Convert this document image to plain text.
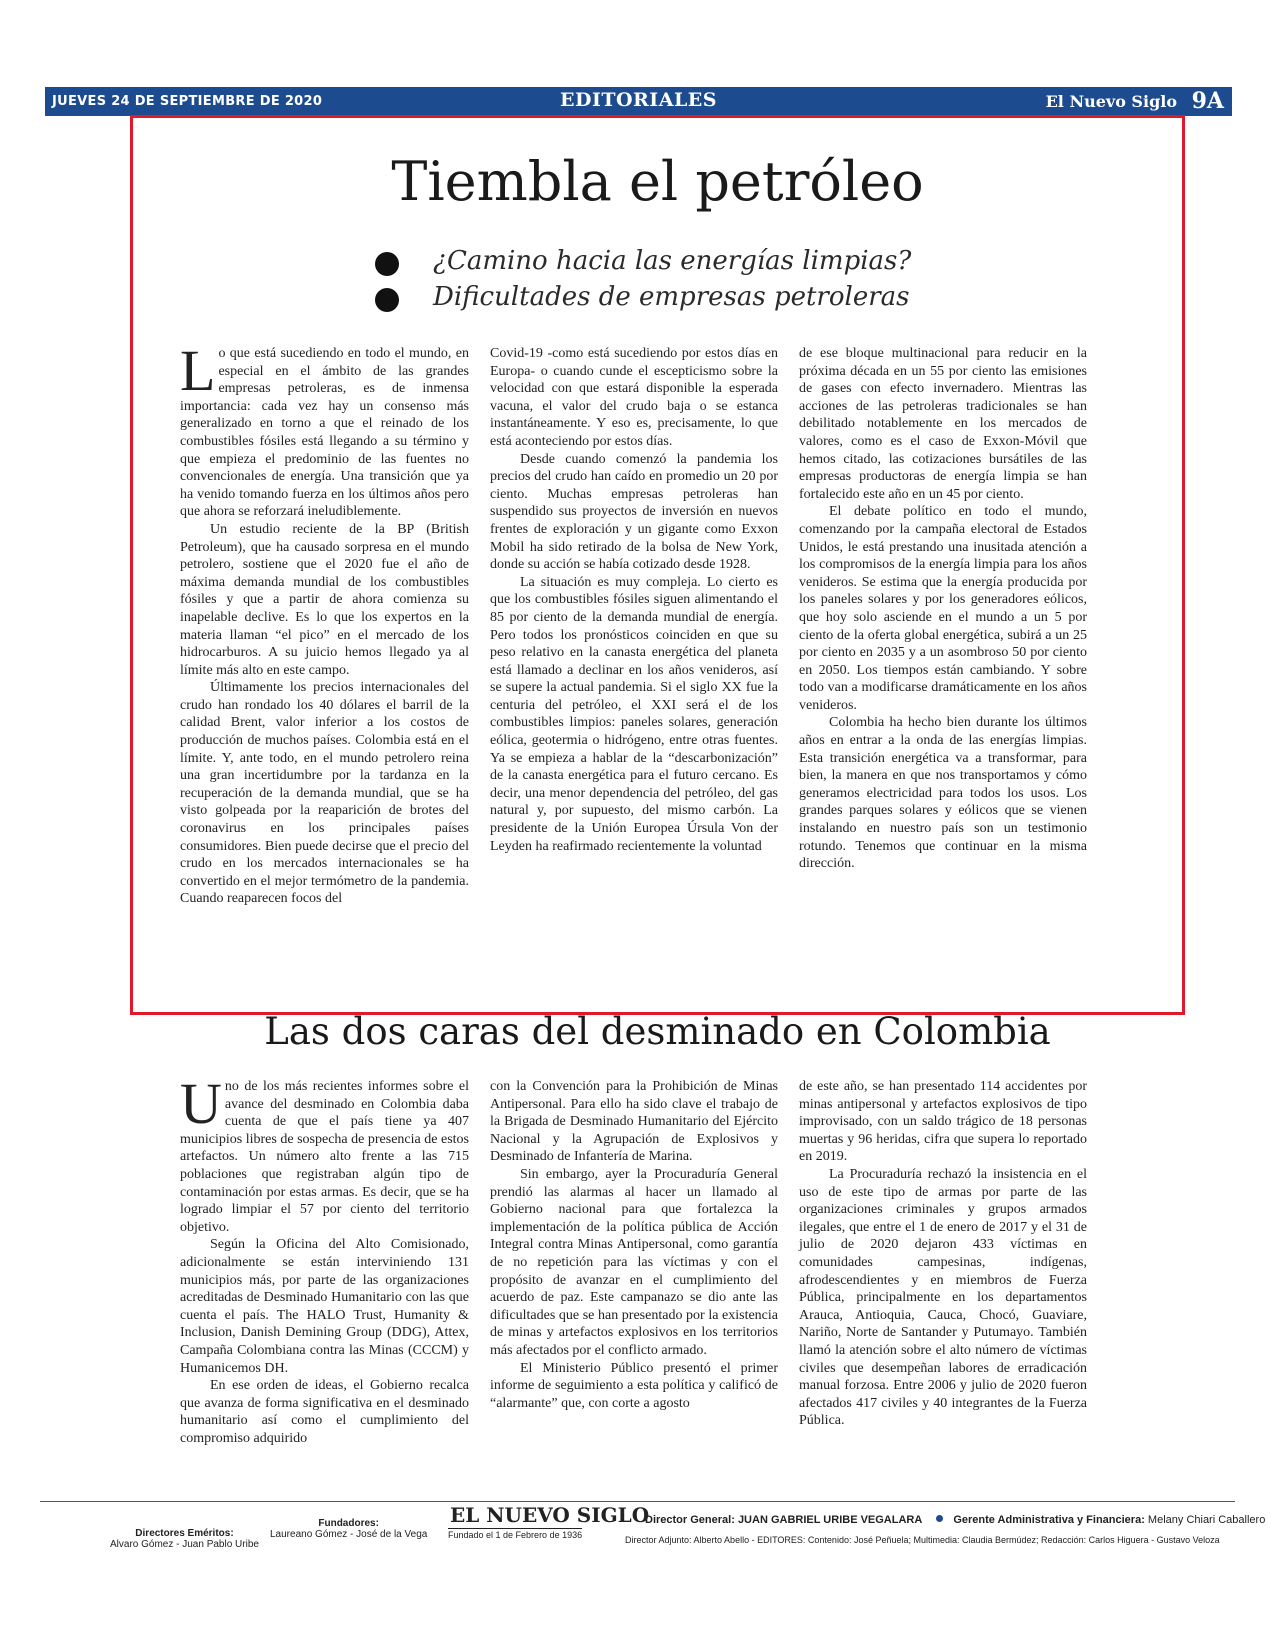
JUEVES 24 DE SEPTIEMBRE DE 2020	EDITORIALES	El Nuevo Siglo 9A
Tiembla el petróleo
¿Camino hacia las energías limpias?
Dificultades de empresas petroleras

Lo que está sucediendo en todo el mundo, en especial en el ámbito de las grandes empresas petroleras, es de inmensa importancia: cada vez hay un consenso más generalizado en torno a que el reinado de los combustibles fósiles está llegando a su término y que empieza el predominio de las fuentes no convencionales de energía. Una transición que ya ha venido tomando fuerza en los últimos años pero que ahora se reforzará ineludiblemente.

Un estudio reciente de la BP (British Petroleum), que ha causado sorpresa en el mundo petrolero, sostiene que el 2020 fue el año de máxima demanda mundial de los combustibles fósiles y que a partir de ahora comienza su inapelable declive. Es lo que los expertos en la materia llaman “el pico” en el mercado de los hidrocarburos. A su juicio hemos llegado ya al límite más alto en este campo.

Últimamente los precios internacionales del crudo han rondado los 40 dólares el barril de la calidad Brent, valor inferior a los costos de producción de muchos países. Colombia está en el límite. Y, ante todo, en el mundo petrolero reina una gran incertidumbre por la tardanza en la recuperación de la demanda mundial, que se ha visto golpeada por la reaparición de brotes del coronavirus en los principales países consumidores. Bien puede decirse que el precio del crudo en los mercados internacionales se ha convertido en el mejor termómetro de la pandemia. Cuando reaparecen focos del

Covid-19 -como está sucediendo por estos días en Europa- o cuando cunde el escepticismo sobre la velocidad con que estará disponible la esperada vacuna, el valor del crudo baja o se estanca instantáneamente. Y eso es, precisamente, lo que está aconteciendo por estos días.

Desde cuando comenzó la pandemia los precios del crudo han caído en promedio un 20 por ciento. Muchas empresas petroleras han suspendido sus proyectos de inversión en nuevos frentes de exploración y un gigante como Exxon Mobil ha sido retirado de la bolsa de New York, donde su acción se había cotizado desde 1928.

La situación es muy compleja. Lo cierto es que los combustibles fósiles siguen alimentando el 85 por ciento de la demanda mundial de energía. Pero todos los pronósticos coinciden en que su peso relativo en la canasta energética del planeta está llamado a declinar en los años venideros, así se supere la actual pandemia. Si el siglo XX fue la centuria del petróleo, el XXI será el de los combustibles limpios: paneles solares, generación eólica, geotermia o hidrógeno, entre otras fuentes. Ya se empieza a hablar de la “descarbonización” de la canasta energética para el futuro cercano. Es decir, una menor dependencia del petróleo, del gas natural y, por supuesto, del mismo carbón. La presidente de la Unión Europea Úrsula Von der Leyden ha reafirmado recientemente la voluntad

de ese bloque multinacional para reducir en la próxima década en un 55 por ciento las emisiones de gases con efecto invernadero. Mientras las acciones de las petroleras tradicionales se han debilitado notablemente en los mercados de valores, como es el caso de Exxon-Móvil que hemos citado, las cotizaciones bursátiles de las empresas productoras de energía limpia se han fortalecido este año en un 45 por ciento.

El debate político en todo el mundo, comenzando por la campaña electoral de Estados Unidos, le está prestando una inusitada atención a los compromisos de la energía limpia para los años venideros. Se estima que la energía producida por los paneles solares y por los generadores eólicos, que hoy solo asciende en el mundo a un 5 por ciento de la oferta global energética, subirá a un 25 por ciento en 2035 y a un asombroso 50 por ciento en 2050. Los tiempos están cambiando. Y sobre todo van a modificarse dramáticamente en los años venideros.

Colombia ha hecho bien durante los últimos años en entrar a la onda de las energías limpias. Esta transición energética va a transformar, para bien, la manera en que nos transportamos y cómo generamos electricidad para todos los usos. Los grandes parques solares y eólicos que se vienen instalando en nuestro país son un testimonio rotundo. Tenemos que continuar en la misma dirección.

Las dos caras del desminado en Colombia

Uno de los más recientes informes sobre el avance del desminado en Colombia daba cuenta de que el país tiene ya 407 municipios libres de sospecha de presencia de estos artefactos. Un número alto frente a las 715 poblaciones que registraban algún tipo de contaminación por estas armas. Es decir, que se ha logrado limpiar el 57 por ciento del territorio objetivo.

Según la Oficina del Alto Comisionado, adicionalmente se están interviniendo 131 municipios más, por parte de las organizaciones acreditadas de Desminado Humanitario con las que cuenta el país. The HALO Trust, Humanity & Inclusion, Danish Demining Group (DDG), Attex, Campaña Colombiana contra las Minas (CCCM) y Humanicemos DH.

En ese orden de ideas, el Gobierno recalca que avanza de forma significativa en el desminado humanitario así como el cumplimiento del compromiso adquirido

con la Convención para la Prohibición de Minas Antipersonal. Para ello ha sido clave el trabajo de la Brigada de Desminado Humanitario del Ejército Nacional y la Agrupación de Explosivos y Desminado de Infantería de Marina.

Sin embargo, ayer la Procuraduría General prendió las alarmas al hacer un llamado al Gobierno nacional para que fortalezca la implementación de la política pública de Acción Integral contra Minas Antipersonal, como garantía de no repetición para las víctimas y con el propósito de avanzar en el cumplimiento del acuerdo de paz. Este campanazo se dio ante las dificultades que se han presentado por la existencia de minas y artefactos explosivos en los territorios más afectados por el conflicto armado.

El Ministerio Público presentó el primer informe de seguimiento a esta política y calificó de “alarmante” que, con corte a agosto

de este año, se han presentado 114 accidentes por minas antipersonal y artefactos explosivos de tipo improvisado, con un saldo trágico de 18 personas muertas y 96 heridas, cifra que supera lo reportado en 2019.

La Procuraduría rechazó la insistencia en el uso de este tipo de armas por parte de las organizaciones criminales y grupos armados ilegales, que entre el 1 de enero de 2017 y el 31 de julio de 2020 dejaron 433 víctimas en comunidades campesinas, indígenas, afrodescendientes y en miembros de Fuerza Pública, principalmente en los departamentos Arauca, Antioquia, Cauca, Chocó, Guaviare, Nariño, Norte de Santander y Putumayo. También llamó la atención sobre el alto número de víctimas civiles que desempeñan labores de erradicación manual forzosa. Entre 2006 y julio de 2020 fueron afectados 417 civiles y 40 integrantes de la Fuerza Pública.

Directores Eméritos:
Alvaro Gómez - Juan Pablo Uribe
Fundadores:
Laureano Gómez - José de la Vega
EL NUEVO SIGLO
Fundado el 1 de Febrero de 1936
Director General: JUAN GABRIEL URIBE VEGALARA	Gerente Administrativa y Financiera: Melany Chiari Caballero
Director Adjunto: Alberto Abello - EDITORES: Contenido: José Peñuela; Multimedia: Claudia Bermúdez; Redacción: Carlos Higuera - Gustavo Veloza
